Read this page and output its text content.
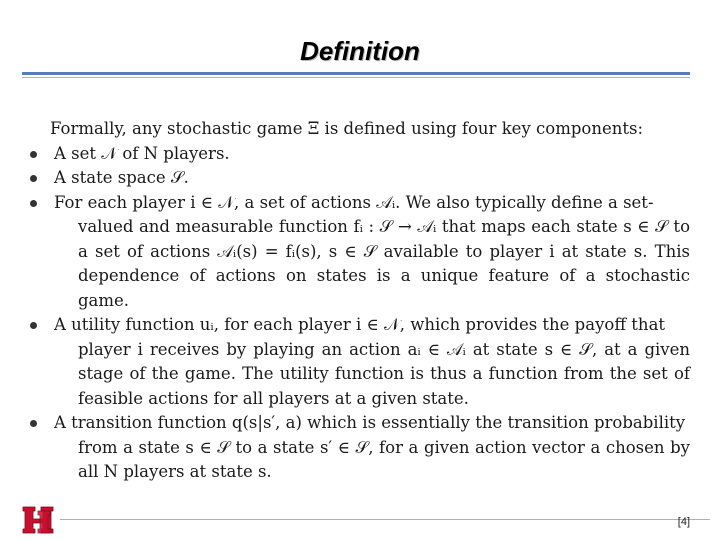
Definition
Formally, any stochastic game Ξ is defined using four key components:
A set 𝒩 of N players.
A state space 𝒮.
For each player i ∈ 𝒩, a set of actions 𝒜ᵢ. We also typically define a set-
valued and measurable function fᵢ : 𝒮 → 𝒜ᵢ that maps each state s ∈ 𝒮 to a set of actions 𝒜ᵢ(s) = fᵢ(s), s ∈ 𝒮 available to player i at state s. This dependence of actions on states is a unique feature of a stochastic game.
A utility function uᵢ, for each player i ∈ 𝒩, which provides the payoff that
player i receives by playing an action aᵢ ∈ 𝒜ᵢ at state s ∈ 𝒮, at a given stage of the game. The utility function is thus a function from the set of feasible actions for all players at a given state.
A transition function q(s|s′, a) which is essentially the transition probability
from a state s ∈ 𝒮 to a state s′ ∈ 𝒮, for a given action vector a chosen by all N players at state s.
[4]
